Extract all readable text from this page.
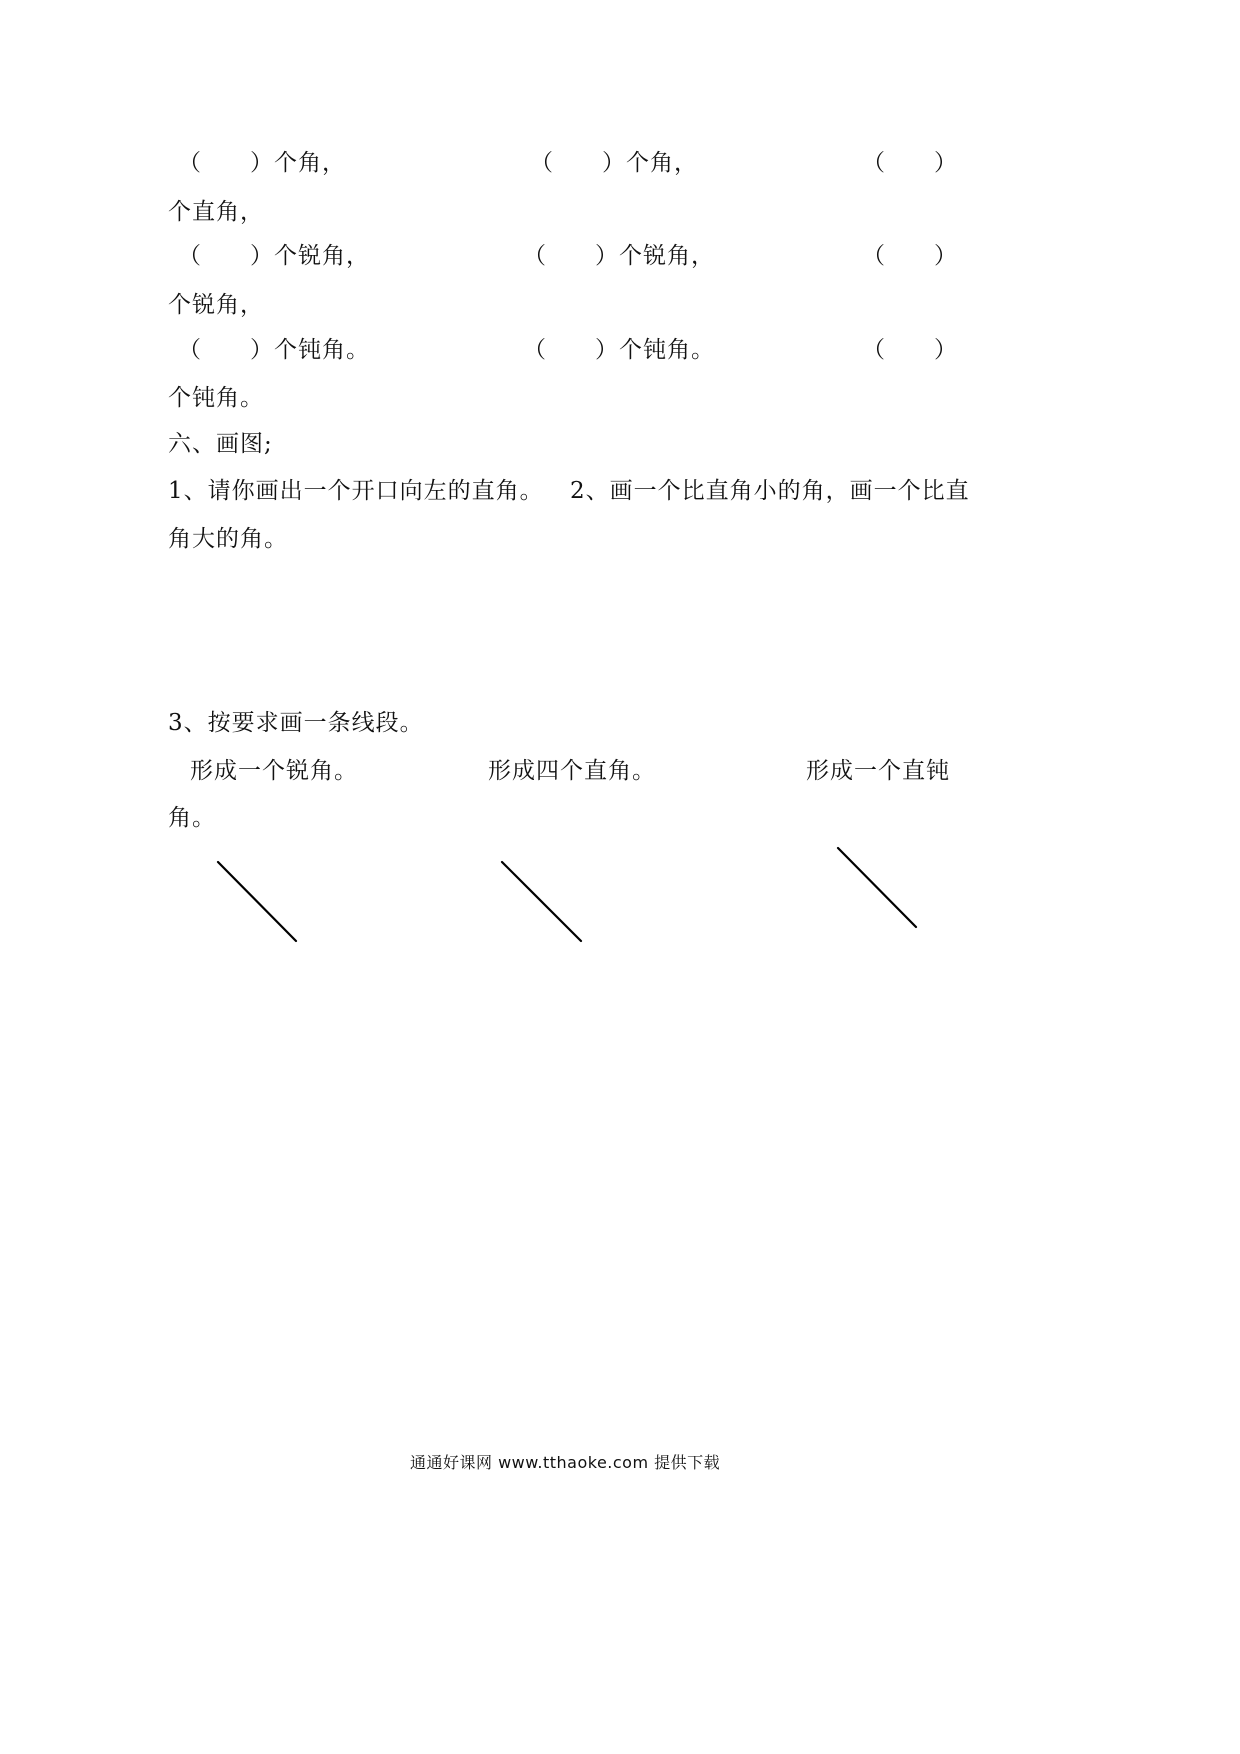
（　　）个角，	（　　）个角，	（　　）
个直角，
（　　）个锐角，	（　　）个锐角，	（　　）
个锐角，
（　　）个钝角。	（　　）个钝角。	（　　）
个钝角。
六、画图;
1、请你画出一个开口向左的直角。 2、画一个比直角小的角，画一个比直
角大的角。
3、按要求画一条线段。
形成一个锐角。	形成四个直角。	形成一个直钝
角。
通通好课网 www.tthaoke.com 提供下载
